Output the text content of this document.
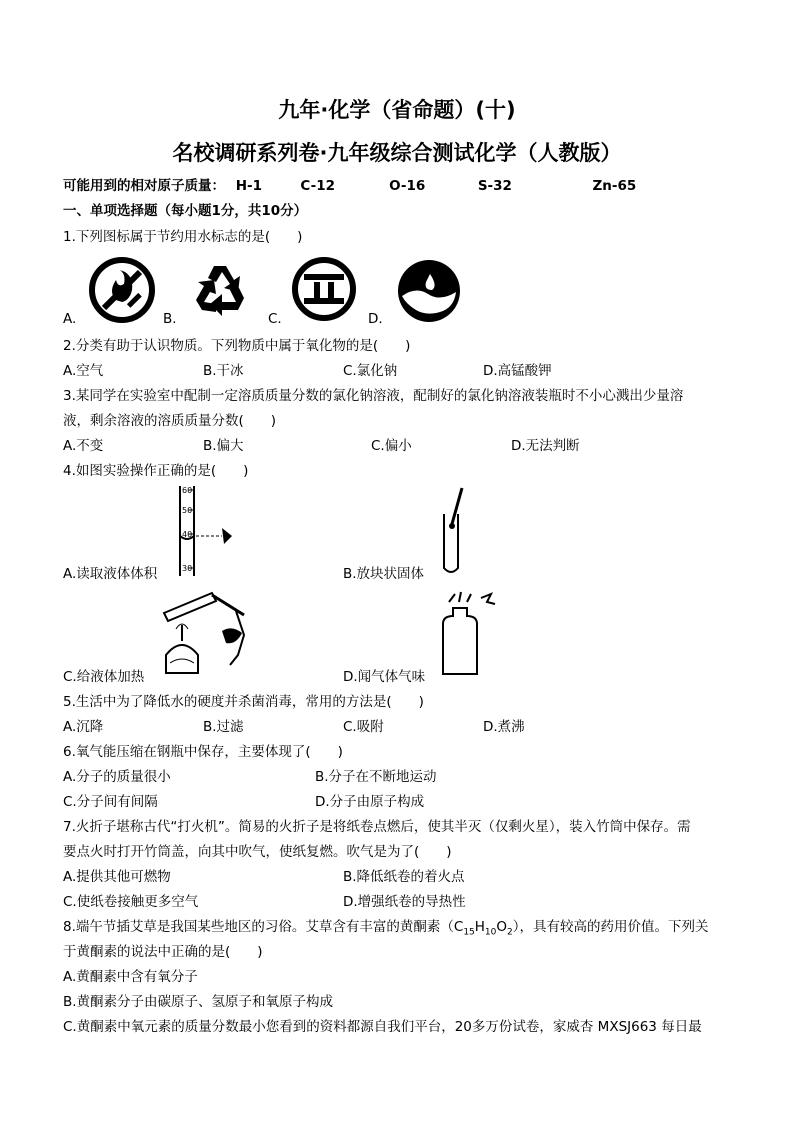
九年·化学（省命题）(十)
名校调研系列卷·九年级综合测试化学（人教版）
可能用到的相对原子质量： H-1	C-12	O-16	S-32	Zn-65
一、单项选择题（每小题1分，共10分）
1.下列图标属于节约用水标志的是(　　)
A.	B.	C.	D.
2.分类有助于认识物质。下列物质中属于氧化物的是(　　)
A.空气	B.干冰	C.氯化钠	D.高锰酸钾
3.某同学在实验室中配制一定溶质质量分数的氯化钠溶液，配制好的氯化钠溶液装瓶时不小心溅出少量溶
液，剩余溶液的溶质质量分数(　　)
A.不变	B.偏大	C.偏小	D.无法判断
4.如图实验操作正确的是(　　)
60
50
40
30
A.读取液体体积	B.放块状固体
C.给液体加热	D.闻气体气味
5.生活中为了降低水的硬度并杀菌消毒，常用的方法是(　　)
A.沉降	B.过滤	C.吸附	D.煮沸
6.氧气能压缩在钢瓶中保存，主要体现了(　　)
A.分子的质量很小	B.分子在不断地运动
C.分子间有间隔	D.分子由原子构成
7.火折子堪称古代“打火机”。简易的火折子是将纸卷点燃后，使其半灭（仅剩火星），装入竹筒中保存。需
要点火时打开竹筒盖，向其中吹气，使纸复燃。吹气是为了(　　)
A.提供其他可燃物	B.降低纸卷的着火点
C.使纸卷接触更多空气	D.增强纸卷的导热性
8.端午节插艾草是我国某些地区的习俗。艾草含有丰富的黄酮素$(C_{15}H_{10}O_2)$，具有较高的药用价值。下列关
于黄酮素的说法中正确的是(　　)
A.黄酮素中含有氧分子
B.黄酮素分子由碳原子、氢原子和氧原子构成
C.黄酮素中氧元素的质量分数最小您看到的资料都源自我们平台，20多万份试卷，家威杏 MXSJ663 每日最
